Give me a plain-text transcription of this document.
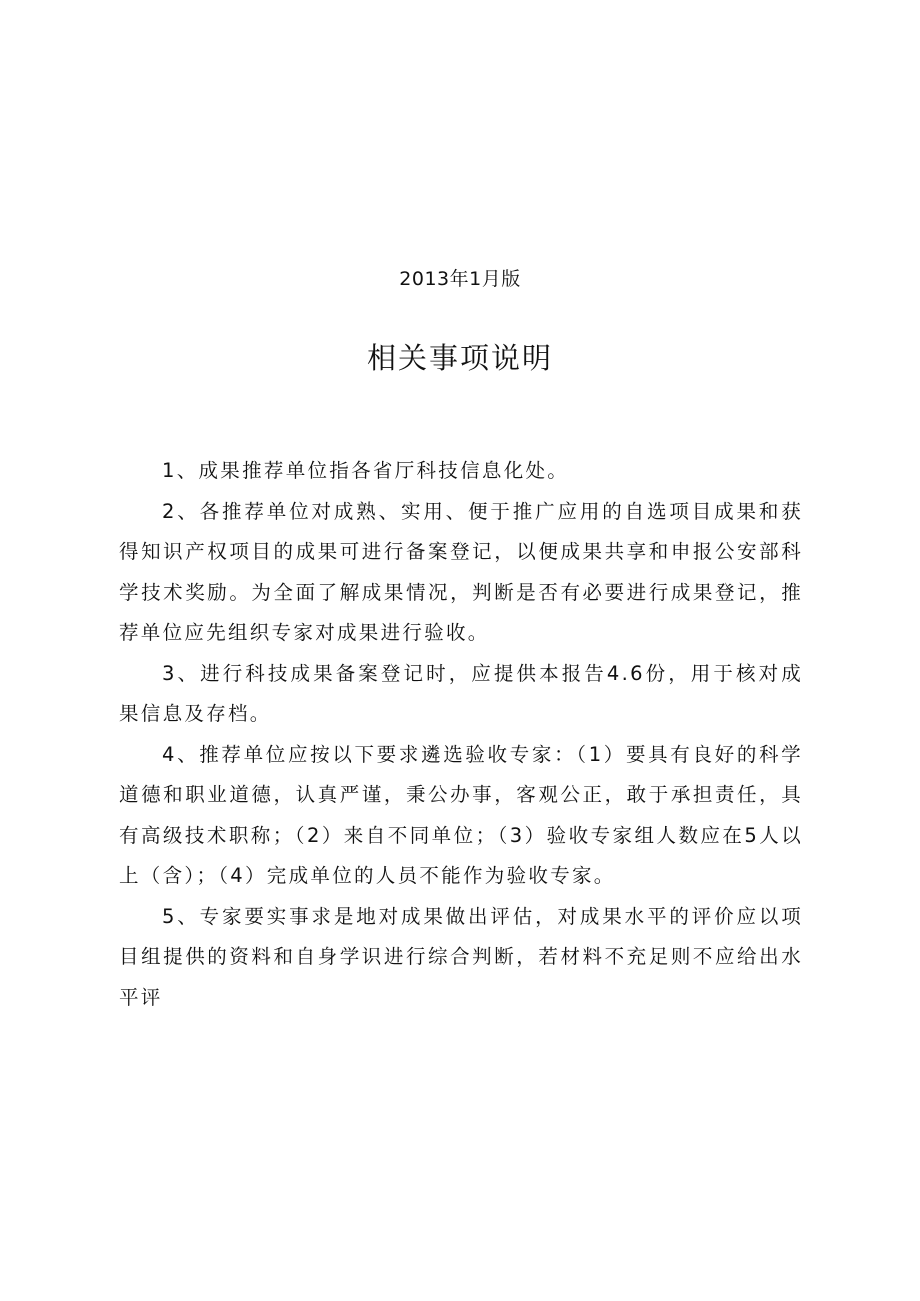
2013年1月版
相关事项说明

1、成果推荐单位指各省厅科技信息化处。

2、各推荐单位对成熟、实用、便于推广应用的自选项目成果和获得知识产权项目的成果可进行备案登记，以便成果共享和申报公安部科学技术奖励。为全面了解成果情况，判断是否有必要进行成果登记，推荐单位应先组织专家对成果进行验收。

3、进行科技成果备案登记时，应提供本报告4.6份，用于核对成果信息及存档。

4、推荐单位应按以下要求遴选验收专家：（1）要具有良好的科学道德和职业道德，认真严谨，秉公办事，客观公正，敢于承担责任，具有高级技术职称；（2）来自不同单位；（3）验收专家组人数应在5人以上（含）；（4）完成单位的人员不能作为验收专家。

5、专家要实事求是地对成果做出评估，对成果水平的评价应以项目组提供的资料和自身学识进行综合判断，若材料不充足则不应给出水平评
